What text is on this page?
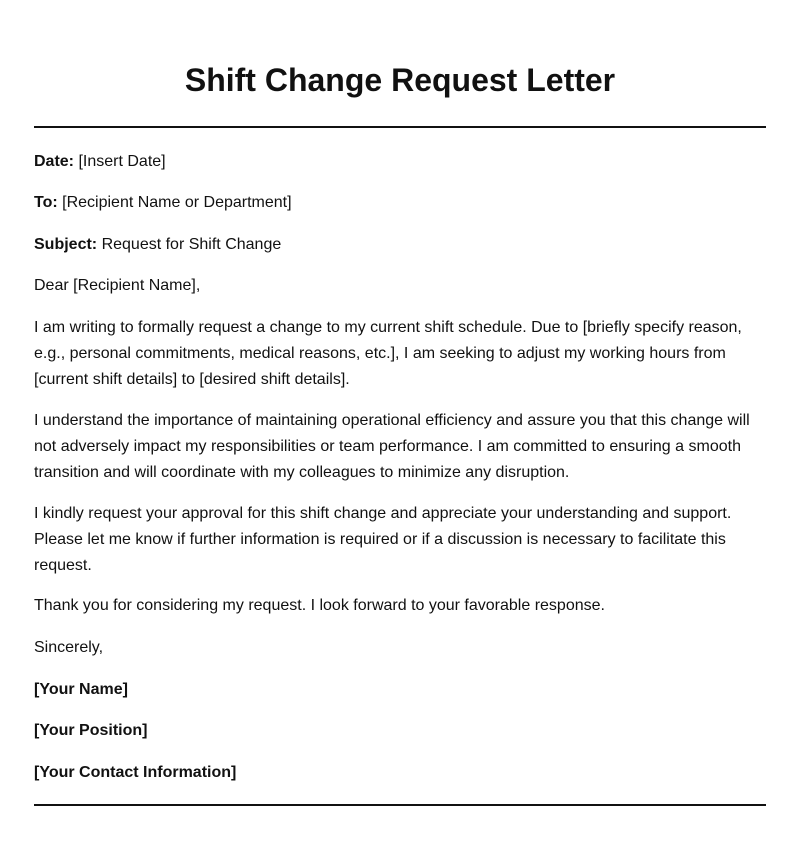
Shift Change Request Letter

Date: [Insert Date]

To: [Recipient Name or Department]

Subject: Request for Shift Change

Dear [Recipient Name],

I am writing to formally request a change to my current shift schedule. Due to [briefly specify reason, e.g., personal commitments, medical reasons, etc.], I am seeking to adjust my working hours from [current shift details] to [desired shift details].

I understand the importance of maintaining operational efficiency and assure you that this change will not adversely impact my responsibilities or team performance. I am committed to ensuring a smooth transition and will coordinate with my colleagues to minimize any disruption.

I kindly request your approval for this shift change and appreciate your understanding and support. Please let me know if further information is required or if a discussion is necessary to facilitate this request.

Thank you for considering my request. I look forward to your favorable response.

Sincerely,

[Your Name]

[Your Position]

[Your Contact Information]
